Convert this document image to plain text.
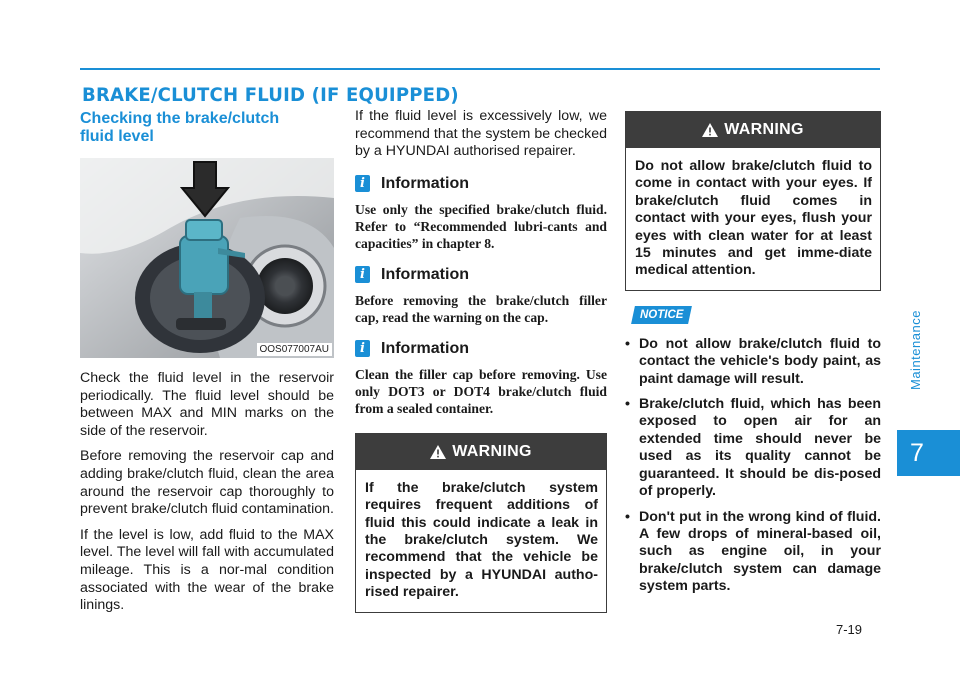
BRAKE/CLUTCH FLUID (IF EQUIPPED)
Checking the brake/clutch
fluid level
OOS077007AU

Check the fluid level in the reservoir periodically. The fluid level should be between MAX and MIN marks on the side of the reservoir.

Before removing the reservoir cap and adding brake/clutch fluid, clean the area around the reservoir cap thoroughly to prevent brake/clutch fluid contamination.

If the level is low, add fluid to the MAX level. The level will fall with accumulated mileage. This is a nor-mal condition associated with the wear of the brake linings.

If the fluid level is excessively low, we recommend that the system be checked by a HYUNDAI authorised repairer.

i	Information

Use only the specified brake/clutch fluid. Refer to “Recommended lubri-cants and capacities” in chapter 8.

i	Information

Before removing the brake/clutch filler cap, read the warning on the cap.

i	Information

Clean the filler cap before removing. Use only DOT3 or DOT4 brake/clutch fluid from a sealed container.

WARNING
If the brake/clutch system requires frequent additions of fluid this could indicate a leak in the brake/clutch system. We recommend that the vehicle be inspected by a HYUNDAI autho-rised repairer.
WARNING
Do not allow brake/clutch fluid to come in contact with your eyes. If brake/clutch fluid comes in contact with your eyes, flush your eyes with clean water for at least 15 minutes and get imme-diate medical attention.
NOTICE
• Do not allow brake/clutch fluid to contact the vehicle's body paint, as paint damage will result.
• Brake/clutch fluid, which has been exposed to open air for an extended time should never be used as its quality cannot be guaranteed. It should be dis-posed of properly.
• Don't put in the wrong kind of fluid. A few drops of mineral-based oil, such as engine oil, in your brake/clutch system can damage system parts.
Maintenance
7
7-19
